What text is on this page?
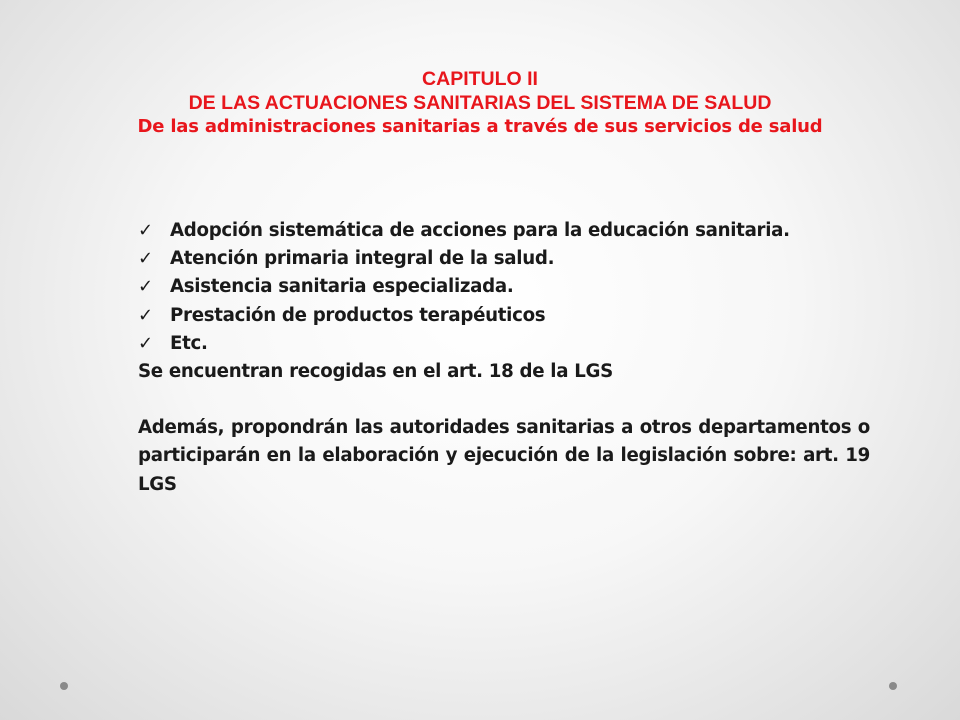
CAPITULO II
DE LAS ACTUACIONES SANITARIAS DEL SISTEMA DE SALUD
De las administraciones sanitarias a través de sus servicios de salud
✓ Adopción sistemática de acciones para la educación sanitaria.
✓ Atención primaria integral de la salud.
✓ Asistencia sanitaria especializada.
✓ Prestación de productos terapéuticos
✓ Etc.

Se encuentran recogidas en el art. 18 de la LGS

Además, propondrán las autoridades sanitarias a otros departamentos o participarán en la elaboración y ejecución de la legislación sobre: art. 19 LGS
